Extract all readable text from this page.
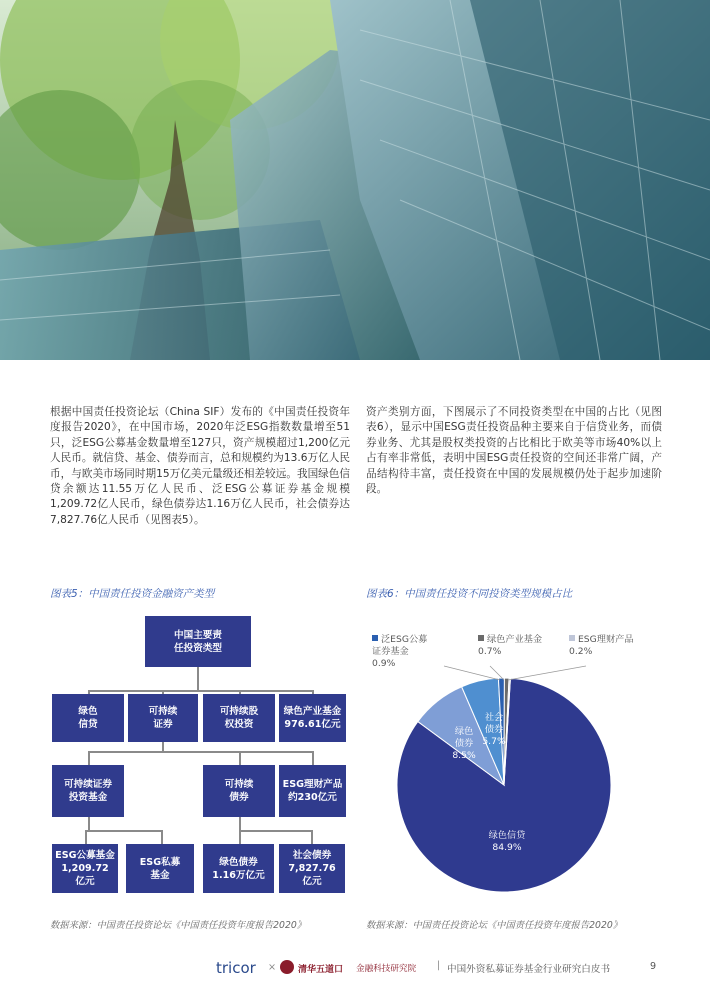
根据中国责任投资论坛（China SIF）发布的《中国责任投资年度报告2020》，在中国市场，2020年泛ESG指数数量增至51只，泛ESG公募基金数量增至127只，资产规模超过1,200亿元人民币。就信贷、基金、债券而言，总和规模约为13.6万亿人民币，与欧美市场同时期15万亿美元量级还相差较远。我国绿色信贷余额达11.55万亿人民币、泛ESG公募证券基金规模1,209.72亿人民币，绿色债券达1.16万亿人民币，社会债券达7,827.76亿人民币（见图表5）。
资产类别方面，下图展示了不同投资类型在中国的占比（见图表6），显示中国ESG责任投资品种主要来自于信贷业务，而债券业务、尤其是股权类投资的占比相比于欧美等市场40%以上占有率非常低，表明中国ESG责任投资的空间还非常广阔，产品结构待丰富，责任投资在中国的发展规模仍处于起步加速阶段。
图表5：中国责任投资金融资产类型
中国主要责
任投资类型
绿色
信贷
可持续
证券
可持续股
权投资
绿色产业基金
976.61亿元
可持续证券
投资基金
可持续
债券
ESG理财产品
约230亿元
ESG公募基金
1,209.72
亿元
ESG私募
基金
绿色债券
1.16万亿元
社会债券
7,827.76
亿元
数据来源：中国责任投资论坛《中国责任投资年度报告2020》
图表6：中国责任投资不同投资类型规模占比
泛ESG公募
证券基金
0.9%
绿色产业基金
0.7%
ESG理财产品
0.2%
绿色信贷
84.9%
绿色
债券
8.5%
社会
债券
5.7%
数据来源：中国责任投资论坛《中国责任投资年度报告2020》
tricor × 清华五道口 金融科技研究院 | 中国外资私募证券基金行业研究白皮书	9
